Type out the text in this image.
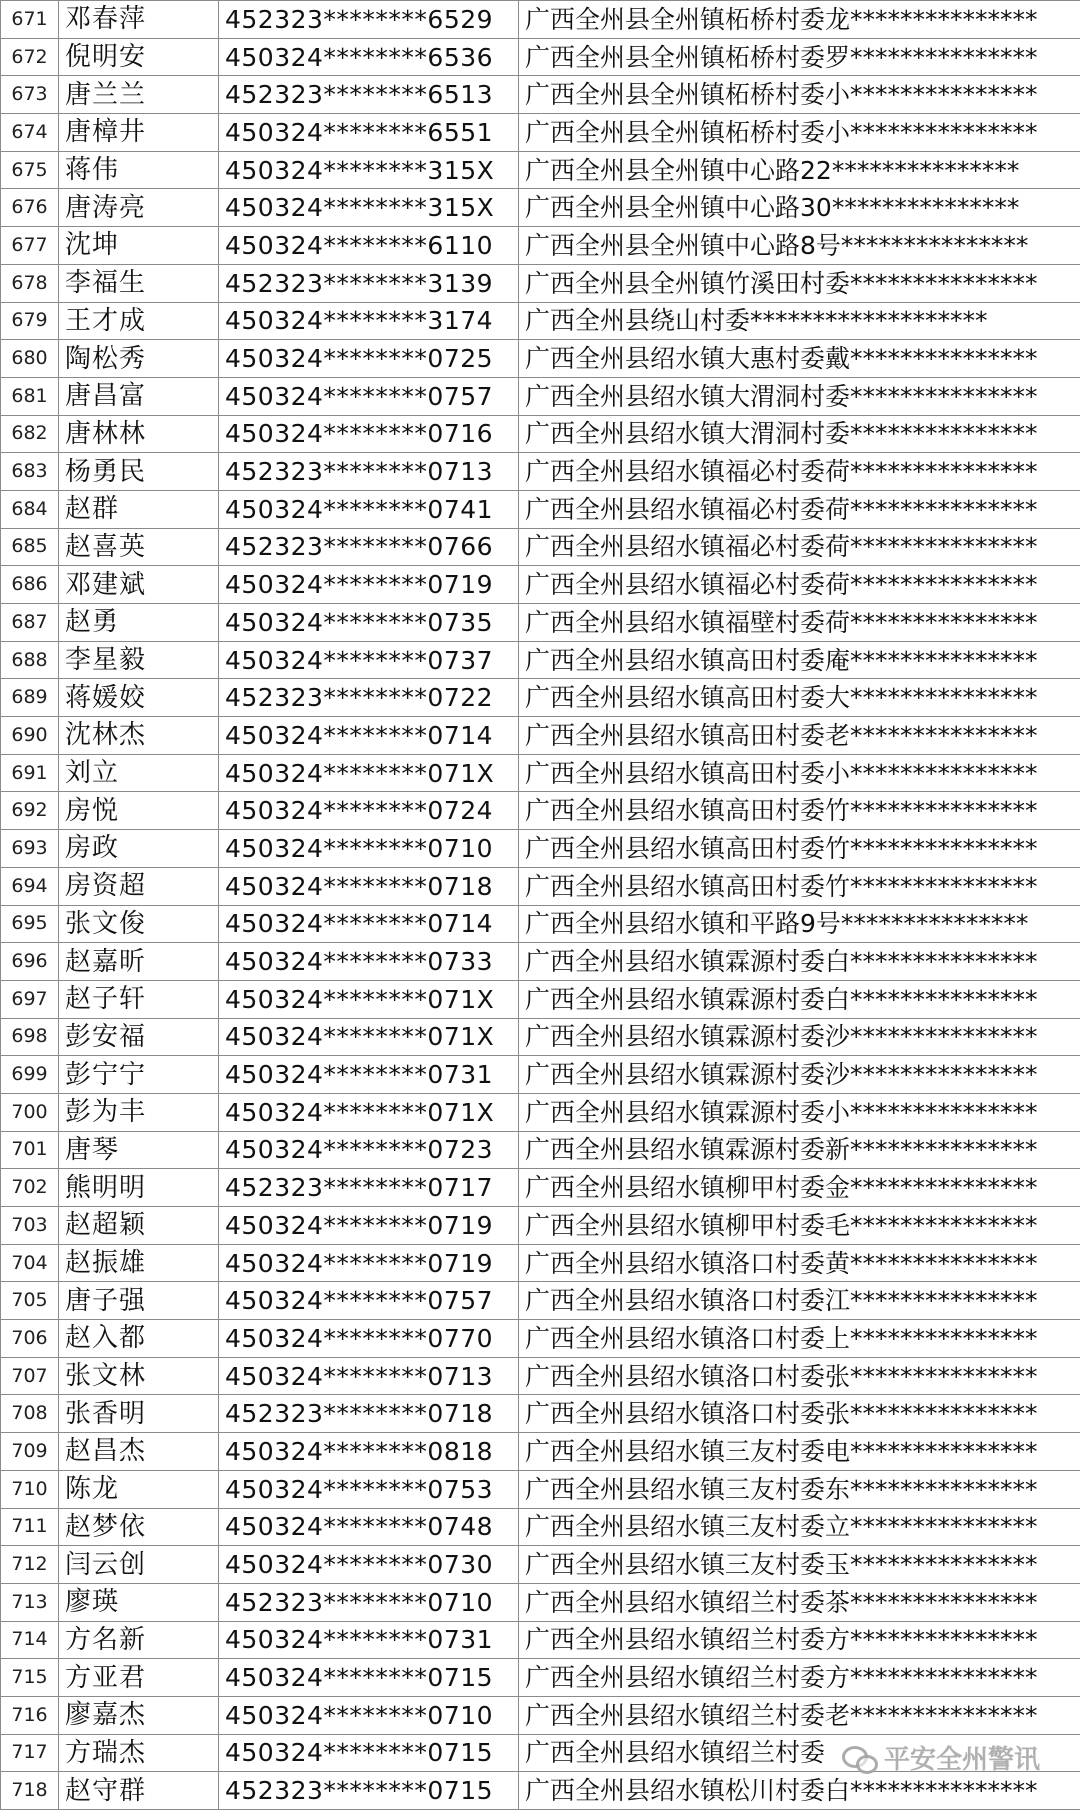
671	邓春萍	452323********6529	广西全州县全州镇柘桥村委龙***************
672	倪明安	450324********6536	广西全州县全州镇柘桥村委罗***************
673	唐兰兰	452323********6513	广西全州县全州镇柘桥村委小***************
674	唐樟井	450324********6551	广西全州县全州镇柘桥村委小***************
675	蒋伟	450324********315X	广西全州县全州镇中心路22***************
676	唐涛亮	450324********315X	广西全州县全州镇中心路30***************
677	沈坤	450324********6110	广西全州县全州镇中心路8号***************
678	李福生	452323********3139	广西全州县全州镇竹溪田村委***************
679	王才成	450324********3174	广西全州县绕山村委*******************
680	陶松秀	450324********0725	广西全州县绍水镇大惠村委戴***************
681	唐昌富	450324********0757	广西全州县绍水镇大渭洞村委***************
682	唐林林	450324********0716	广西全州县绍水镇大渭洞村委***************
683	杨勇民	452323********0713	广西全州县绍水镇福必村委荷***************
684	赵群	450324********0741	广西全州县绍水镇福必村委荷***************
685	赵喜英	452323********0766	广西全州县绍水镇福必村委荷***************
686	邓建斌	450324********0719	广西全州县绍水镇福必村委荷***************
687	赵勇	450324********0735	广西全州县绍水镇福壁村委荷***************
688	李星毅	450324********0737	广西全州县绍水镇高田村委庵***************
689	蒋媛姣	452323********0722	广西全州县绍水镇高田村委大***************
690	沈林杰	450324********0714	广西全州县绍水镇高田村委老***************
691	刘立	450324********071X	广西全州县绍水镇高田村委小***************
692	房悦	450324********0724	广西全州县绍水镇高田村委竹***************
693	房政	450324********0710	广西全州县绍水镇高田村委竹***************
694	房资超	450324********0718	广西全州县绍水镇高田村委竹***************
695	张文俊	450324********0714	广西全州县绍水镇和平路9号***************
696	赵嘉昕	450324********0733	广西全州县绍水镇霖源村委白***************
697	赵子轩	450324********071X	广西全州县绍水镇霖源村委白***************
698	彭安福	450324********071X	广西全州县绍水镇霖源村委沙***************
699	彭宁宁	450324********0731	广西全州县绍水镇霖源村委沙***************
700	彭为丰	450324********071X	广西全州县绍水镇霖源村委小***************
701	唐琴	450324********0723	广西全州县绍水镇霖源村委新***************
702	熊明明	452323********0717	广西全州县绍水镇柳甲村委金***************
703	赵超颖	450324********0719	广西全州县绍水镇柳甲村委毛***************
704	赵振雄	450324********0719	广西全州县绍水镇洛口村委黄***************
705	唐子强	450324********0757	广西全州县绍水镇洛口村委江***************
706	赵入都	450324********0770	广西全州县绍水镇洛口村委上***************
707	张文林	450324********0713	广西全州县绍水镇洛口村委张***************
708	张香明	452323********0718	广西全州县绍水镇洛口村委张***************
709	赵昌杰	450324********0818	广西全州县绍水镇三友村委电***************
710	陈龙	450324********0753	广西全州县绍水镇三友村委东***************
711	赵梦依	450324********0748	广西全州县绍水镇三友村委立***************
712	闫云创	450324********0730	广西全州县绍水镇三友村委玉***************
713	廖瑛	452323********0710	广西全州县绍水镇绍兰村委茶***************
714	方名新	450324********0731	广西全州县绍水镇绍兰村委方***************
715	方亚君	450324********0715	广西全州县绍水镇绍兰村委方***************
716	廖嘉杰	450324********0710	广西全州县绍水镇绍兰村委老***************
717	方瑞杰	450324********0715	广西全州县绍水镇绍兰村委
718	赵守群	452323********0715	广西全州县绍水镇松川村委白***************
平安全州警讯
